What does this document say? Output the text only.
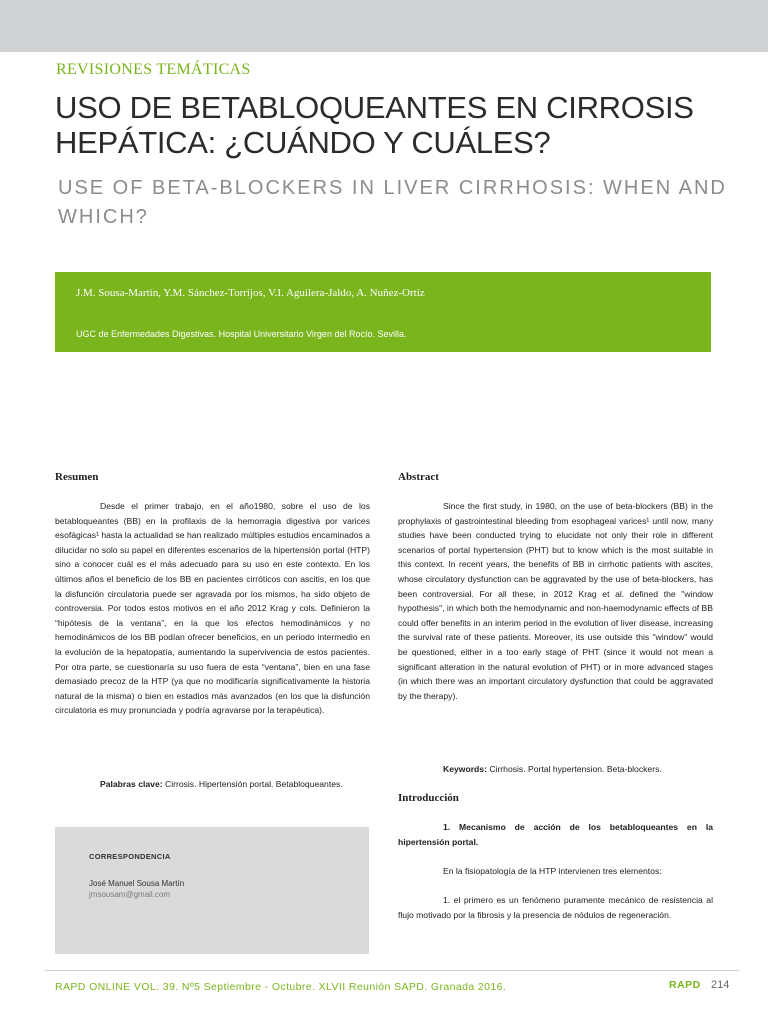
REVISIONES TEMÁTICAS
USO DE BETABLOQUEANTES EN CIRROSIS HEPÁTICA: ¿CUÁNDO Y CUÁLES?
USE OF BETA-BLOCKERS IN LIVER CIRRHOSIS: WHEN AND WHICH?
J.M. Sousa-Martín, Y.M. Sánchez-Torrijos, V.I. Aguilera-Jaldo, A. Nuñez-Ortiz
UGC de Enfermedades Digestivas. Hospital Universitario Virgen del Rocío. Sevilla.
Resumen
Desde el primer trabajo, en el año1980, sobre el uso de los betabloqueantes (BB) en la profilaxis de la hemorragia digestiva por varices esofágicas¹ hasta la actualidad se han realizado múltiples estudios encaminados a dilucidar no solo su papel en diferentes escenarios de la hipertensión portal (HTP) sino a conocer cuál es el más adecuado para su uso en este contexto. En los últimos años el beneficio de los BB en pacientes cirróticos con ascitis, en los que la disfunción circulatoria puede ser agravada por los mismos, ha sido objeto de controversia. Por todos estos motivos en el año 2012 Krag y cols. Definieron la “hipótesis de la ventana”, en la que los efectos hemodinámicos y no hemodinámicos de los BB podían ofrecer beneficios, en un periodo intermedio en la evolución de la hepatopatía, aumentando la supervivencia de estos pacientes. Por otra parte, se cuestionaría su uso fuera de esta “ventana”, bien en una fase demasiado precoz de la HTP (ya que no modificaría significativamente la historia natural de la misma) o bien en estadios más avanzados (en los que la disfunción circulatoria es muy pronunciada y podría agravarse por la terapéutica).
Palabras clave: Cirrosis. Hipertensión portal. Betabloqueantes.
CORRESPONDENCIA
José Manuel Sousa Martín
jmsousam@gmail.com
Abstract
Since the first study, in 1980, on the use of beta-blockers (BB) in the prophylaxis of gastrointestinal bleeding from esophageal varices¹ until now, many studies have been conducted trying to elucidate not only their role in different scenarios of portal hypertension (PHT) but to know which is the most suitable in this context. In recent years, the benefits of BB in cirrhotic patients with ascites, whose circulatory dysfunction can be aggravated by the use of beta-blockers, has been controversial. For all these, in 2012 Krag et al. defined the "window hypothesis", in which both the hemodynamic and non-haemodynamic effects of BB could offer benefits in an interim period in the evolution of liver disease, increasing the survival rate of these patients. Moreover, its use outside this "window" would be questioned, either in a too early stage of PHT (since it would not mean a significant alteration in the natural evolution of PHT) or in more advanced stages (in which there was an important circulatory dysfunction that could be aggravated by the therapy).
Keywords: Cirrhosis. Portal hypertension. Beta-blockers.
Introducción
1. Mecanismo de acción de los betabloqueantes en la hipertensión portal.
En la fisiopatología de la HTP intervienen tres elementos:
1. el primero es un fenómeno puramente mecánico de resistencia al flujo motivado por la fibrosis y la presencia de nódulos de regeneración.
RAPD ONLINE VOL. 39. Nº5 Septiembre - Octubre. XLVII Reunión SAPD. Granada 2016.	RAPD 214
